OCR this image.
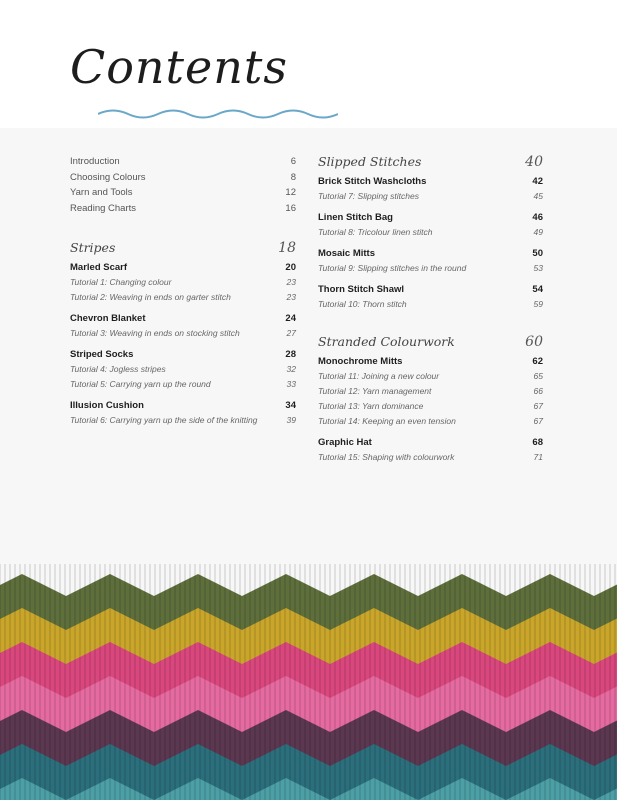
Contents
Introduction	6
Choosing Colours	8
Yarn and Tools	12
Reading Charts	16
Stripes	18
Marled Scarf	20
Tutorial 1: Changing colour	23
Tutorial 2: Weaving in ends on garter stitch	23
Chevron Blanket	24
Tutorial 3: Weaving in ends on stocking stitch	27
Striped Socks	28
Tutorial 4: Jogless stripes	32
Tutorial 5: Carrying yarn up the round	33
Illusion Cushion	34
Tutorial 6: Carrying yarn up the side of the knitting	39
Slipped Stitches	40
Brick Stitch Washcloths	42
Tutorial 7: Slipping stitches	45
Linen Stitch Bag	46
Tutorial 8: Tricolour linen stitch	49
Mosaic Mitts	50
Tutorial 9: Slipping stitches in the round	53
Thorn Stitch Shawl	54
Tutorial 10: Thorn stitch	59
Stranded Colourwork	60
Monochrome Mitts	62
Tutorial 11: Joining a new colour	65
Tutorial 12: Yarn management	66
Tutorial 13: Yarn dominance	67
Tutorial 14: Keeping an even tension	67
Graphic Hat	68
Tutorial 15: Shaping with colourwork	71
